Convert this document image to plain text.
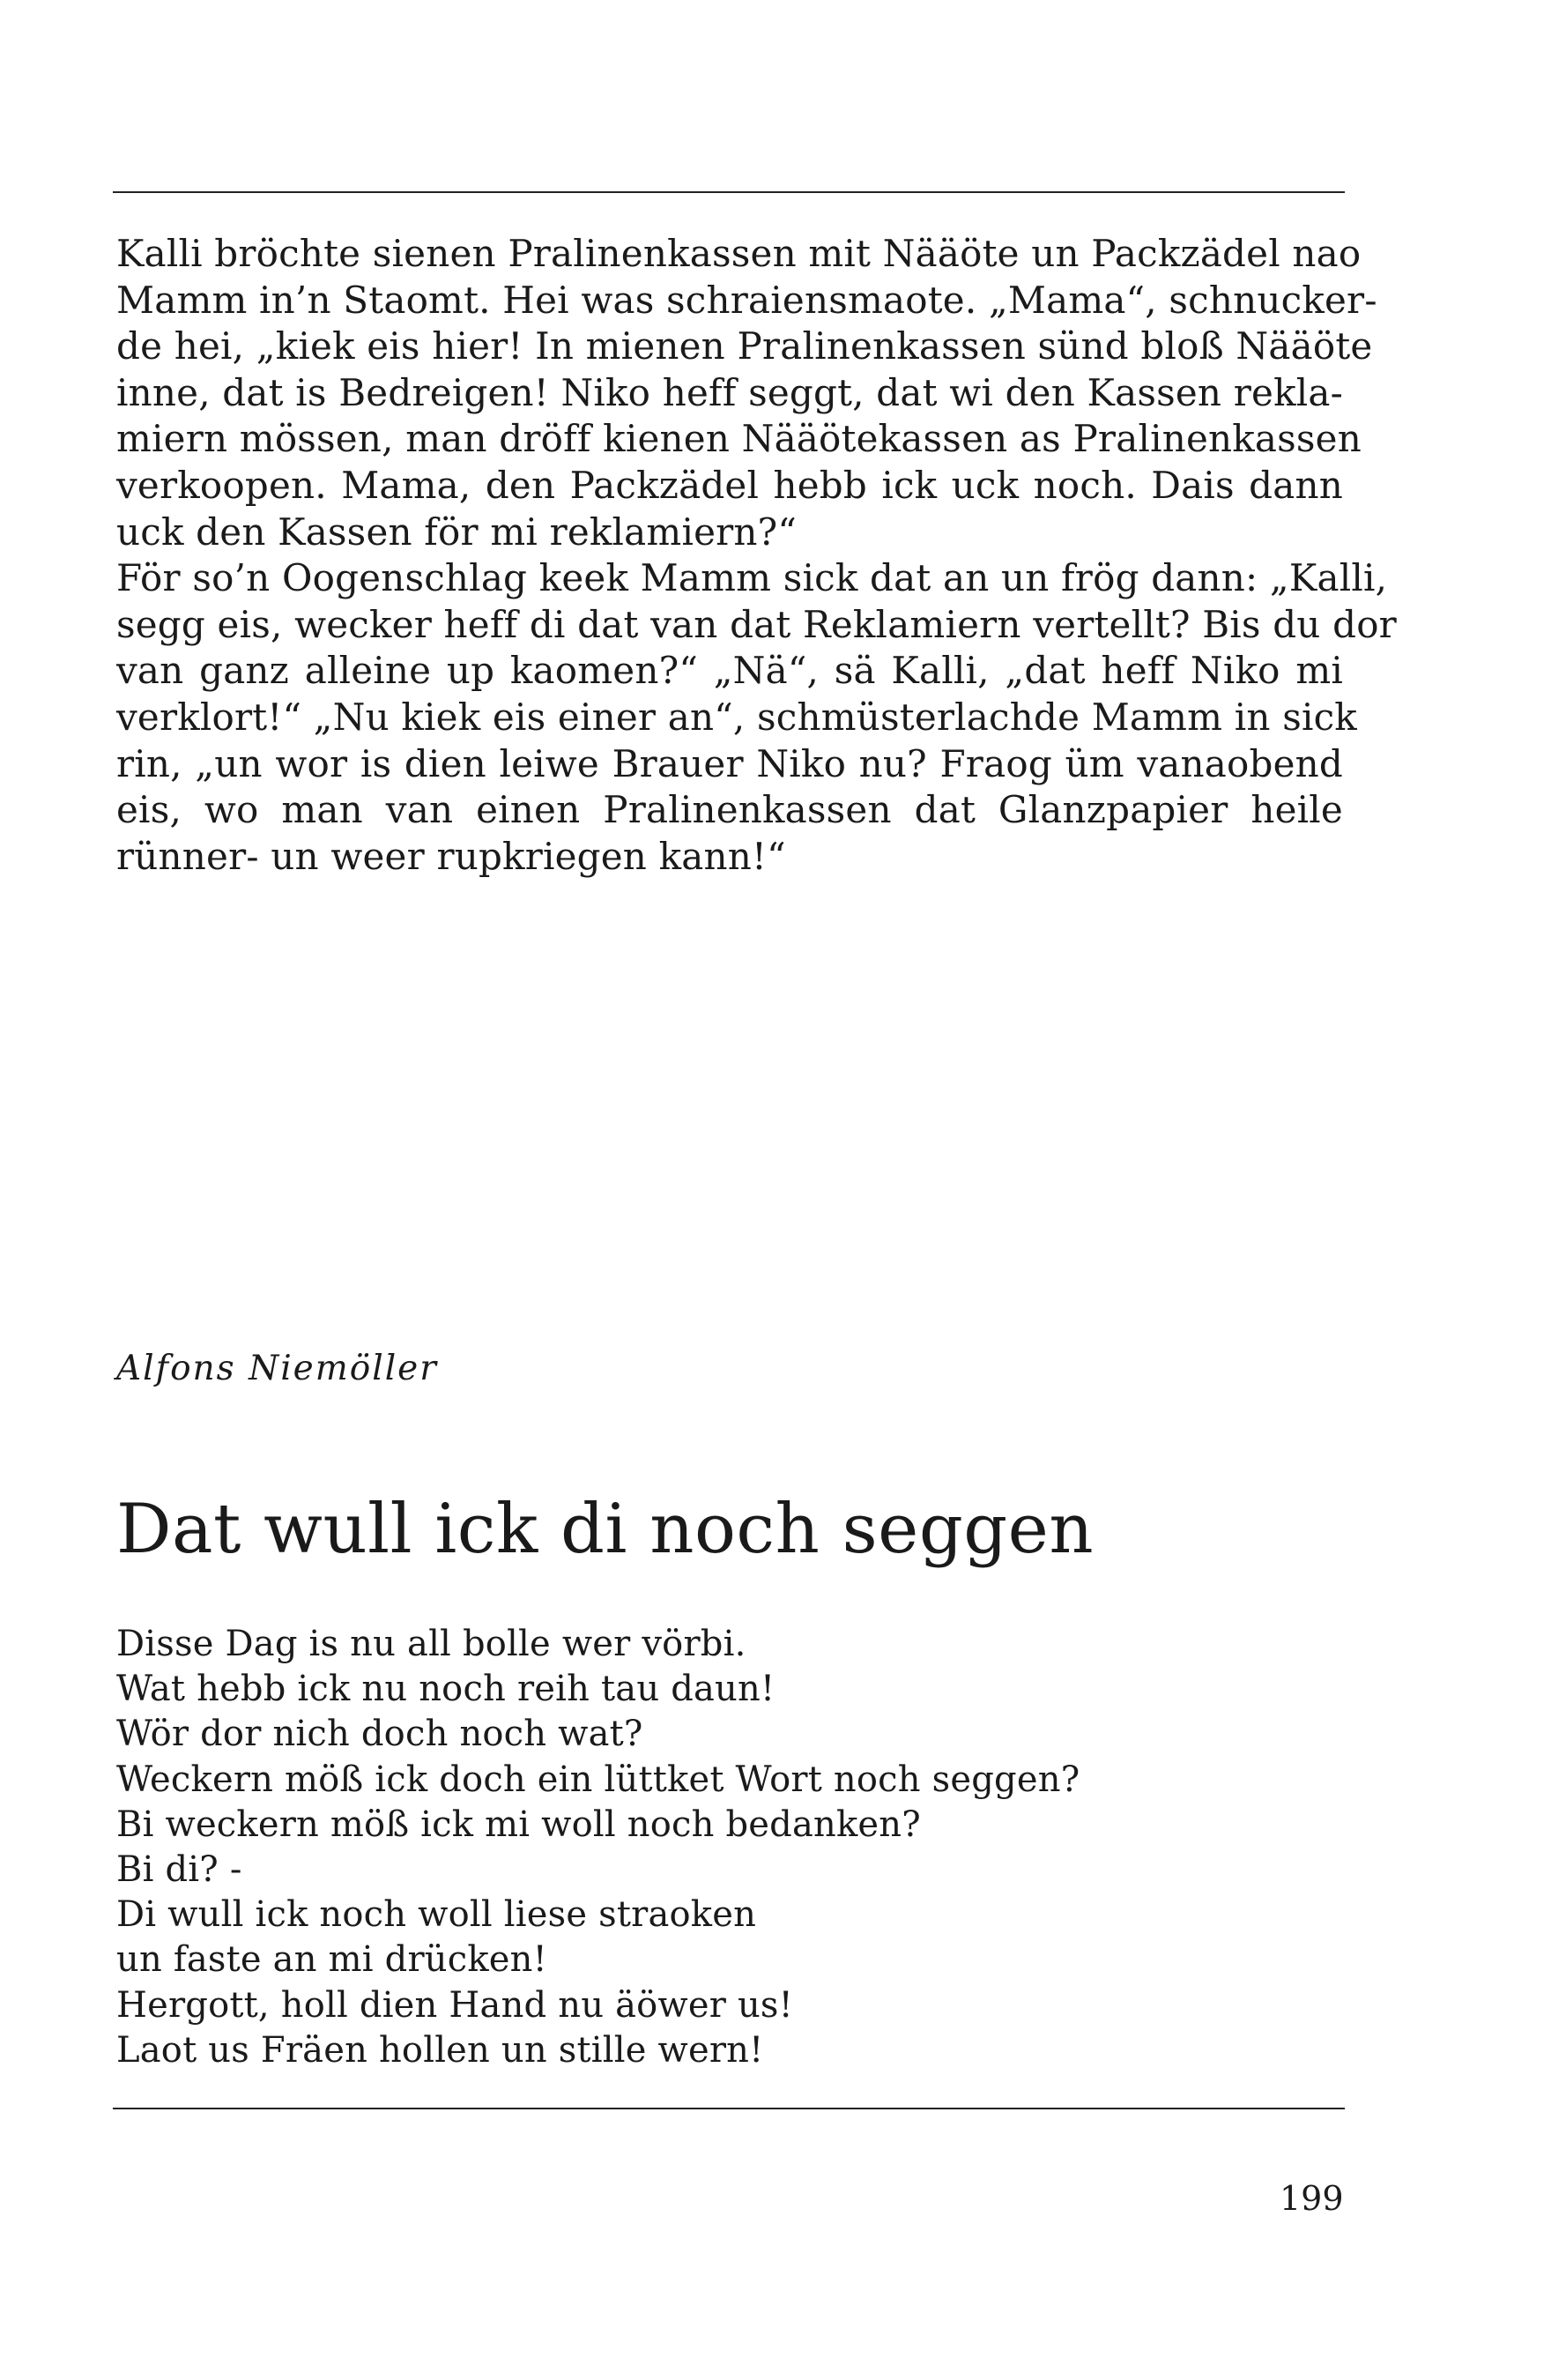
Kalli bröchte sienen Pralinenkassen mit Nääöte un Packzädel nao
Mamm in’n Staomt. Hei was schraiensmaote. „Mama“, schnucker-
de hei, „kiek eis hier! In mienen Pralinenkassen sünd bloß Nääöte
inne, dat is Bedreigen! Niko heff seggt, dat wi den Kassen rekla-
miern mössen, man dröff kienen Nääötekassen as Pralinenkassen
verkoopen. Mama, den Packzädel hebb ick uck noch. Dais dann
uck den Kassen för mi reklamiern?“
För so’n Oogenschlag keek Mamm sick dat an un frög dann: „Kalli,
segg eis, wecker heff di dat van dat Reklamiern vertellt? Bis du dor
van ganz alleine up kaomen?“ „Nä“, sä Kalli, „dat heff Niko mi
verklort!“ „Nu kiek eis einer an“, schmüsterlachde Mamm in sick
rin, „un wor is dien leiwe Brauer Niko nu? Fraog üm vanaobend
eis, wo man van einen Pralinenkassen dat Glanzpapier heile
rünner- un weer rupkriegen kann!“
Alfons Niemöller
Dat wull ick di noch seggen
Disse Dag is nu all bolle wer vörbi.
Wat hebb ick nu noch reih tau daun!
Wör dor nich doch noch wat?
Weckern möß ick doch ein lüttket Wort noch seggen?
Bi weckern möß ick mi woll noch bedanken?
Bi di? -
Di wull ick noch woll liese straoken
un faste an mi drücken!
Hergott, holl dien Hand nu äöwer us!
Laot us Fräen hollen un stille wern!
199
